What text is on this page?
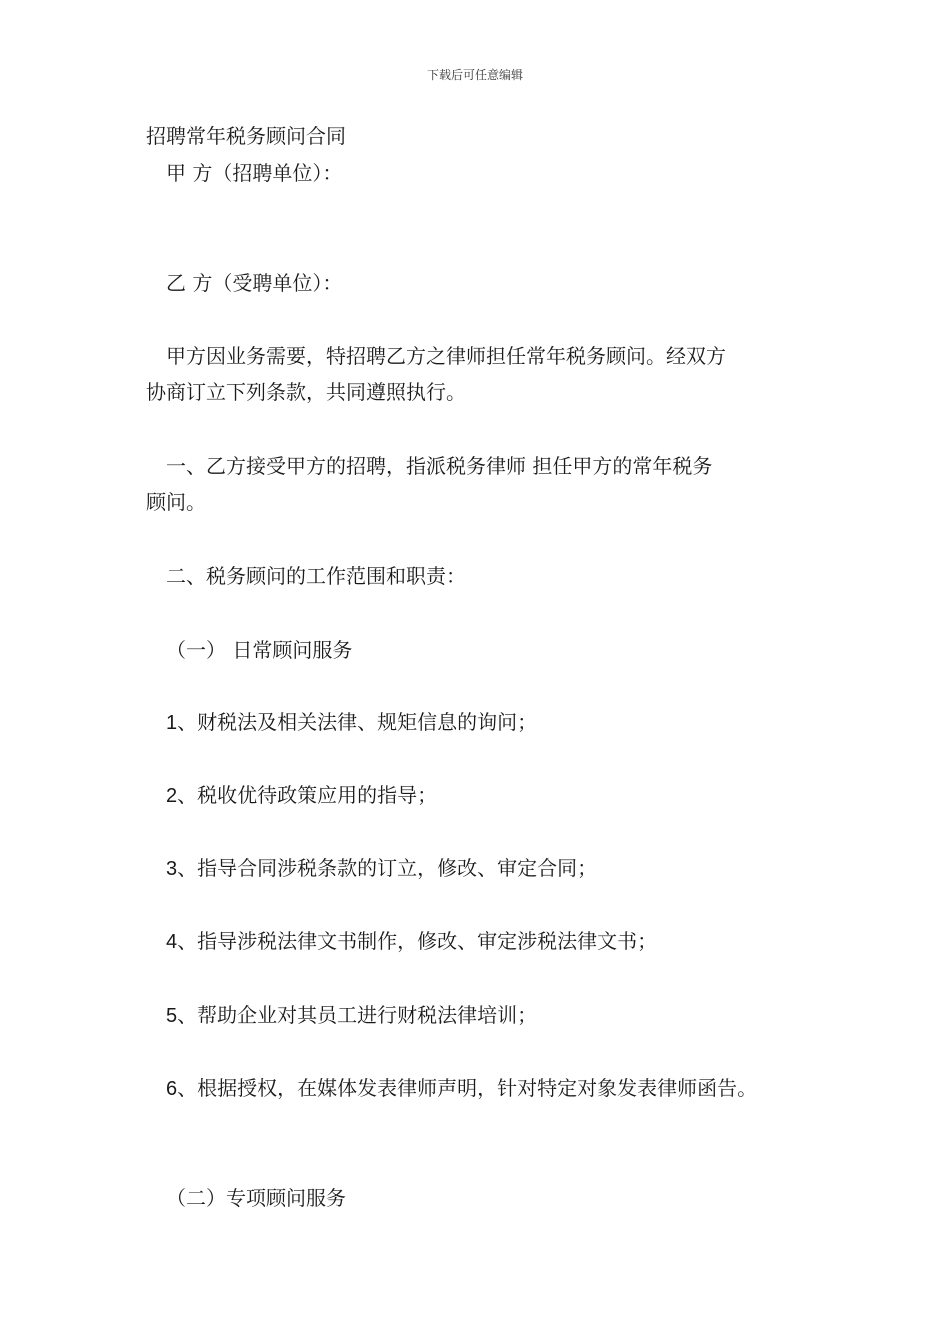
下载后可任意编辑
招聘常年税务顾问合同
甲 方（招聘单位）：
乙 方（受聘单位）：
甲方因业务需要，特招聘乙方之律师担任常年税务顾问。经双方
协商订立下列条款，共同遵照执行。
一、乙方接受甲方的招聘，指派税务律师 担任甲方的常年税务
顾问。
二、税务顾问的工作范围和职责：
（一） 日常顾问服务
1、财税法及相关法律、规矩信息的询问；
2、税收优待政策应用的指导；
3、指导合同涉税条款的订立，修改、审定合同；
4、指导涉税法律文书制作，修改、审定涉税法律文书；
5、帮助企业对其员工进行财税法律培训；
6、根据授权，在媒体发表律师声明，针对特定对象发表律师函告。
（二）专项顾问服务
